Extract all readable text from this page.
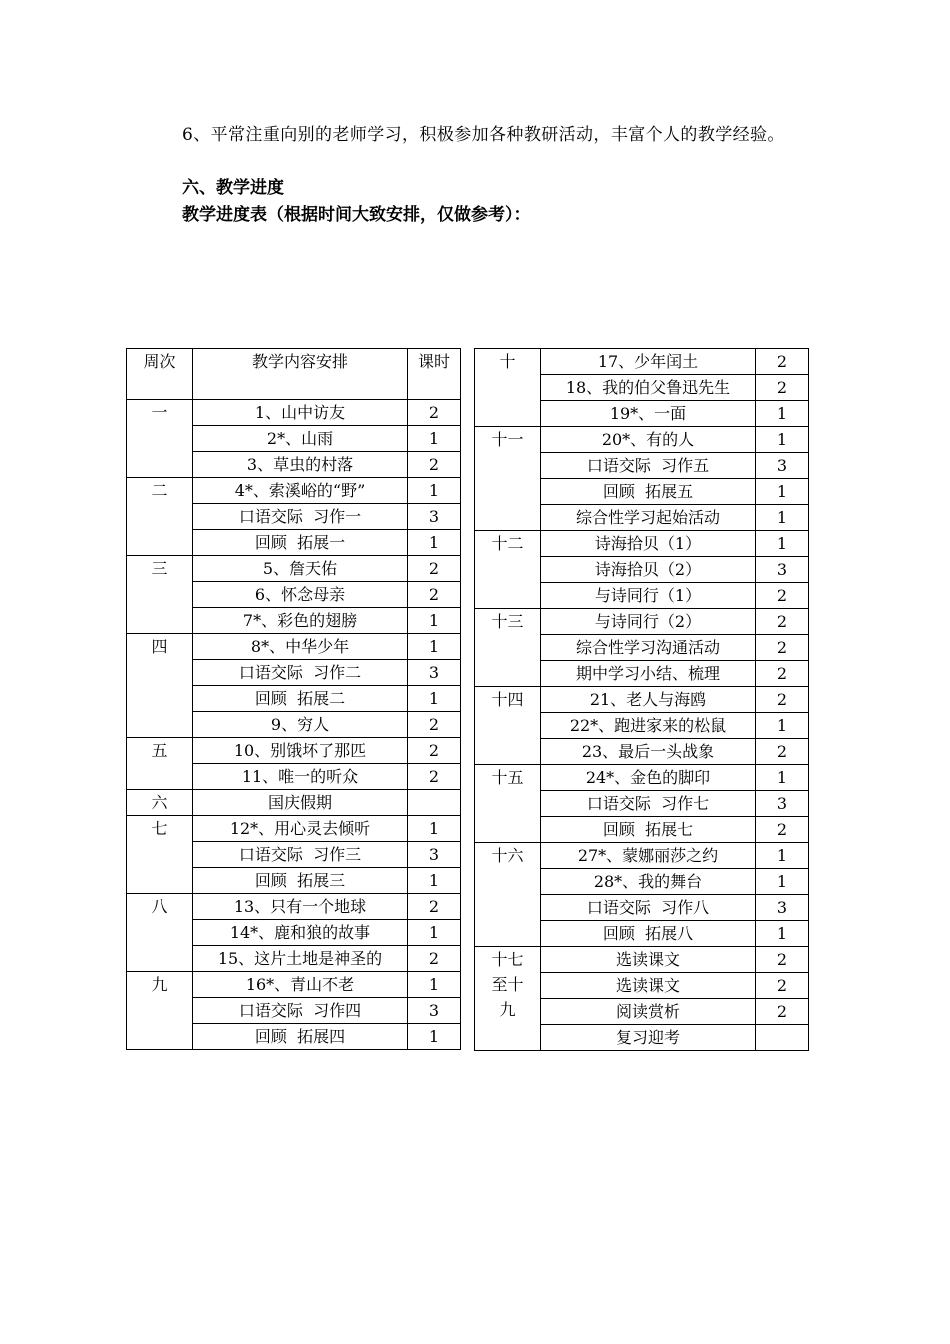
6、平常注重向别的老师学习，积极参加各种教研活动，丰富个人的教学经验。
六、教学进度
教学进度表（根据时间大致安排，仅做参考）：
周次	教学内容安排	课时
一	1、山中访友	2
	2*、山雨	1
	3、草虫的村落	2
二	4*、索溪峪的“野”	1
	口语交际  习作一	3
	回顾  拓展一	1
三	5、詹天佑	2
	6、怀念母亲	2
	7*、彩色的翅膀	1
四	8*、中华少年	1
	口语交际  习作二	3
	回顾  拓展二	1
	9、穷人	2
五	10、别饿坏了那匹	2
	11、唯一的听众	2
六	国庆假期	
七	12*、用心灵去倾听	1
	口语交际  习作三	3
	回顾  拓展三	1
八	13、只有一个地球	2
	14*、鹿和狼的故事	1
	15、这片土地是神圣的	2
九	16*、青山不老	1
	口语交际  习作四	3
	回顾  拓展四	1
十	17、少年闰土	2
	18、我的伯父鲁迅先生	2
	19*、一面	1
十一	20*、有的人	1
	口语交际  习作五	3
	回顾  拓展五	1
	综合性学习起始活动	1
十二	诗海拾贝（1）	1
	诗海拾贝（2）	3
	与诗同行（1）	2
十三	与诗同行（2）	2
	综合性学习沟通活动	2
	期中学习小结、梳理	2
十四	21、老人与海鸥	2
	22*、跑进家来的松鼠	1
	23、最后一头战象	2
十五	24*、金色的脚印	1
	口语交际  习作七	3
	回顾  拓展七	2
十六	27*、蒙娜丽莎之约	1
	28*、我的舞台	1
	口语交际  习作八	3
	回顾  拓展八	1
十七至十九	选读课文	2
	选读课文	2
	阅读赏析	2
	复习迎考	
